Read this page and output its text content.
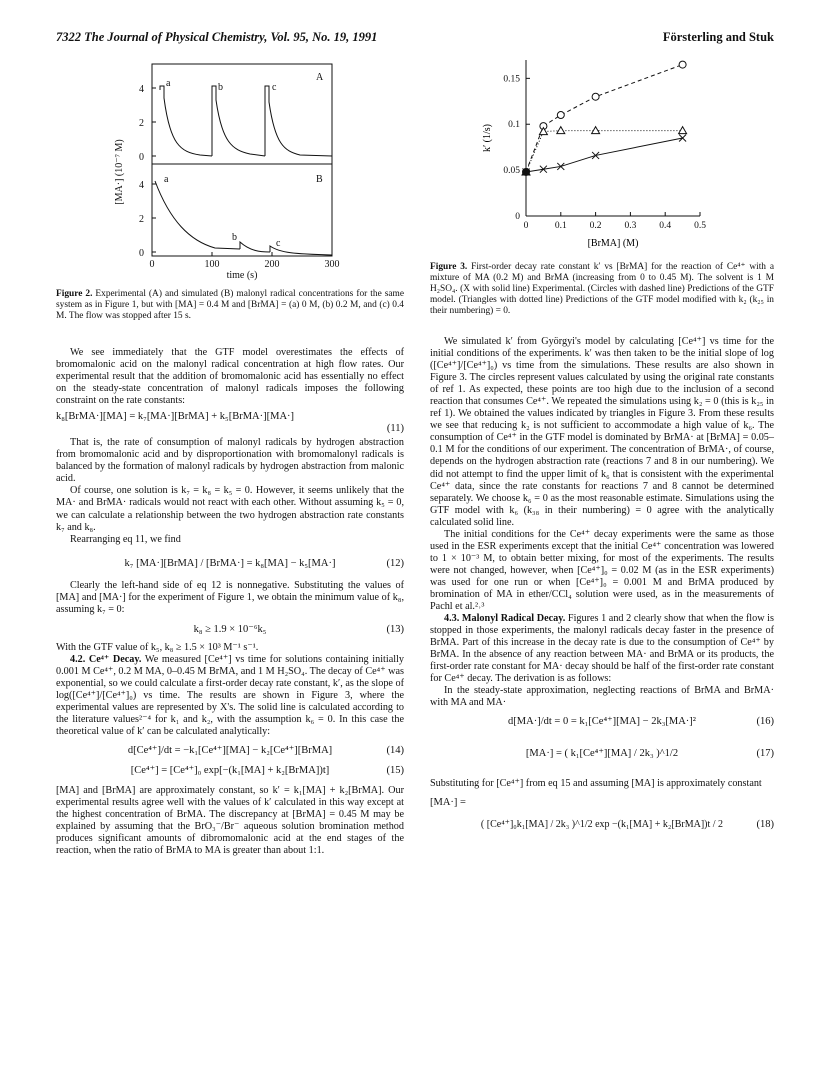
7322 The Journal of Physical Chemistry, Vol. 95, No. 19, 1991	Försterling and Stuk
A
B
a	b	c
a
b
c
4
2
0
4
2
0
0	100	200	300
time (s)
[MA·] (10⁻⁷ M)
Figure 2. Experimental (A) and simulated (B) malonyl radical concentrations for the same system as in Figure 1, but with [MA] = 0.4 M and [BrMA] = (a) 0 M, (b) 0.2 M, and (c) 0.4 M. The flow was stopped after 15 s.
0	0.1 0.2 0.3 0.4 0.5
0
0.05
0.1
0.15
[BrMA] (M)
k′ (1/s)
Figure 3. First-order decay rate constant k′ vs [BrMA] for the reaction of Ce⁴⁺ with a mixture of MA (0.2 M) and BrMA (increasing from 0 to 0.45 M). The solvent is 1 M H₂SO₄. (X with solid line) Experimental. (Circles with dashed line) Predictions of the GTF model. (Triangles with dotted line) Predictions of the GTF model modified with k₂ (k₂₅ in their numbering) = 0.

We see immediately that the GTF model overestimates the effects of bromomalonic acid on the malonyl radical concentration at high flow rates. Our experimental result that the addition of bromomalonic acid has essentially no effect on the steady-state concentration of malonyl radicals imposes the following constraint on the rate constants:

k₈[BrMA·][MA] = k₇[MA·][BrMA] + k₅[BrMA·][MA·]
(11)

That is, the rate of consumption of malonyl radicals by hydrogen abstraction from bromomalonic acid and by disproportionation with bromomalonyl radicals is balanced by the formation of malonyl radicals by hydrogen abstraction from malonic acid.

Of course, one solution is k₇ = k₈ = k₅ = 0. However, it seems unlikely that the MA· and BrMA· radicals would not react with each other. Without assuming k₅ = 0, we can calculate a relationship between the two hydrogen abstraction rate constants k₇ and k₈.

Rearranging eq 11, we find

k₇ [MA·][BrMA] / [BrMA·] = k₈[MA] − k₅[MA·]	(12)

Clearly the left-hand side of eq 12 is nonnegative. Substituting the values of [MA] and [MA·] for the experiment of Figure 1, we obtain the minimum value of k₈, assuming k₇ = 0:

k₈ ≥ 1.9 × 10⁻⁶k₅	(13)

With the GTF value of k₅, k₈ ≥ 1.5 × 10³ M⁻¹ s⁻¹.

4.2. Ce⁴⁺ Decay. We measured [Ce⁴⁺] vs time for solutions containing initially 0.001 M Ce⁴⁺, 0.2 M MA, 0–0.45 M BrMA, and 1 M H₂SO₄. The decay of Ce⁴⁺ was exponential, so we could calculate a first-order decay rate constant, k′, as the slope of log([Ce⁴⁺]/[Ce⁴⁺]₀) vs time. The results are shown in Figure 3, where the experimental values are represented by X's. The solid line is calculated according to the literature values²⁻⁴ for k₁ and k₂, with the assumption k₆ = 0. In this case the theoretical value of k′ can be calculated analytically:

d[Ce⁴⁺]/dt = −k₁[Ce⁴⁺][MA] − k₂[Ce⁴⁺][BrMA]	(14)
[Ce⁴⁺] = [Ce⁴⁺]₀ exp[−(k₁[MA] + k₂[BrMA])t]	(15)

[MA] and [BrMA] are approximately constant, so k′ = k₁[MA] + k₂[BrMA]. Our experimental results agree well with the values of k′ calculated in this way except at the highest concentration of BrMA. The discrepancy at [BrMA] = 0.45 M may be explained by assuming that the BrO₃⁻/Br⁻ aqueous solution bromination method produces significant amounts of dibromomalonic acid at the end stages of the reaction, when the ratio of BrMA to MA is greater than about 1:1.

We simulated k′ from Györgyi's model by calculating [Ce⁴⁺] vs time for the initial conditions of the experiments. k′ was then taken to be the initial slope of log ([Ce⁴⁺]/[Ce⁴⁺]₀) vs time from the simulations. These results are also shown in Figure 3. The circles represent values calculated by using the original rate constants of ref 1. As expected, these points are too high due to the inclusion of a second reaction that consumes Ce⁴⁺. We repeated the simulations using k₂ = 0 (this is k₂₅ in ref 1). We obtained the values indicated by triangles in Figure 3. From these results we see that reducing k₂ is not sufficient to accommodate a high value of k₆. The consumption of Ce⁴⁺ in the GTF model is dominated by BrMA· at [BrMA] = 0.05–0.1 M for the conditions of our experiment. The concentration of BrMA·, of course, depends on the hydrogen abstraction rate (reactions 7 and 8 in our numbering). We did not attempt to find the upper limit of k₆ that is consistent with the experimental Ce⁴⁺ data, since the rate constants for reactions 7 and 8 cannot be determined separately. We choose k₆ = 0 as the most reasonable estimate. Simulations using the GTF model with k₆ (k₃₈ in their numbering) = 0 agree with the analytically calculated solid line.

The initial conditions for the Ce⁴⁺ decay experiments were the same as those used in the ESR experiments except that the initial Ce⁴⁺ concentration was lowered to 1 × 10⁻³ M, to obtain better mixing, for most of the experiments. The results were not changed, however, when [Ce⁴⁺]₀ = 0.02 M (as in the ESR experiments) was used for one run or when [Ce⁴⁺]₀ = 0.001 M and BrMA produced by bromination of MA in ether/CCl₄ solution were used, as in the measurements of Pachl et al.²˒³

4.3. Malonyl Radical Decay. Figures 1 and 2 clearly show that when the flow is stopped in those experiments, the malonyl radicals decay faster in the presence of BrMA. Part of this increase in the decay rate is due to the consumption of Ce⁴⁺ by BrMA. In the absence of any reaction between MA· and BrMA or its products, the first-order rate constant for MA· decay should be half of the first-order rate constant for Ce⁴⁺ decay. The derivation is as follows:

In the steady-state approximation, neglecting reactions of BrMA and BrMA· with MA and MA·

d[MA·]/dt = 0 = k₁[Ce⁴⁺][MA] − 2k₃[MA·]²	(16)
[MA·] = ( k₁[Ce⁴⁺][MA] / 2k₃ )^1/2	(17)

Substituting for [Ce⁴⁺] from eq 15 and assuming [MA] is approximately constant

[MA·] =
( [Ce⁴⁺]₀k₁[MA] / 2k₃ )^1/2 exp −(k₁[MA] + k₂[BrMA])t / 2	(18)
